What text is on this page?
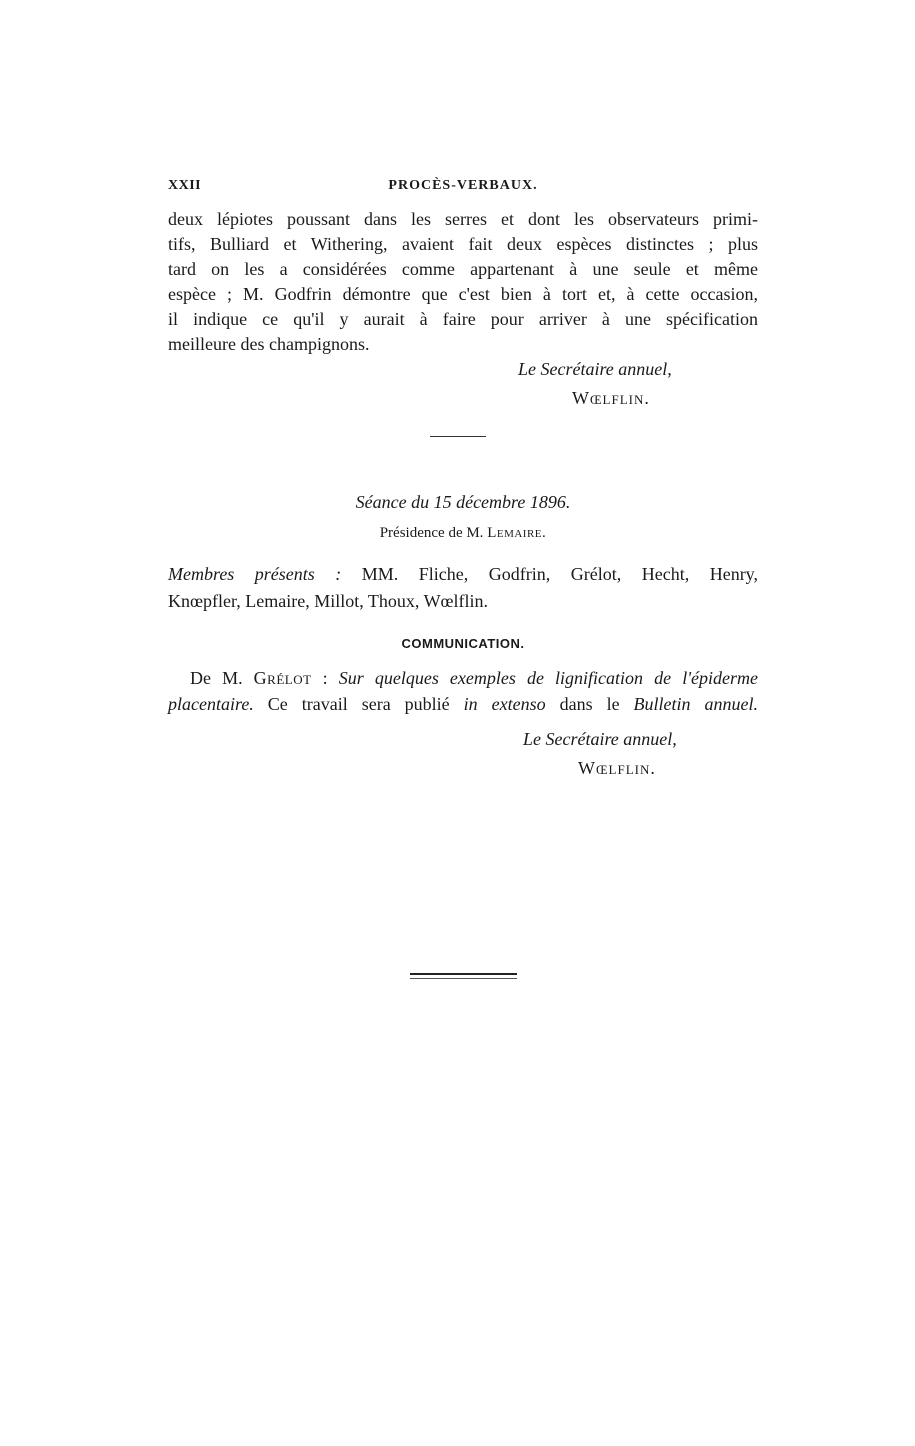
XXII	PROCÈS-VERBAUX.
deux lépiotes poussant dans les serres et dont les observateurs primi-
tifs, Bulliard et Withering, avaient fait deux espèces distinctes ; plus
tard on les a considérées comme appartenant à une seule et même
espèce ; M. Godfrin démontre que c'est bien à tort et, à cette occasion,
il indique ce qu'il y aurait à faire pour arriver à une spécification
meilleure des champignons.
Le Secrétaire annuel,
Wœlflin.
Séance du 15 décembre 1896.
Présidence de M. Lemaire.
Membres présents : MM. Fliche, Godfrin, Grélot, Hecht, Henry,
Knœpfler, Lemaire, Millot, Thoux, Wœlflin.
COMMUNICATION.
De M. Grélot : Sur quelques exemples de lignification de l'épiderme
placentaire. Ce travail sera publié in extenso dans le Bulletin annuel.
Le Secrétaire annuel,
Wœlflin.
